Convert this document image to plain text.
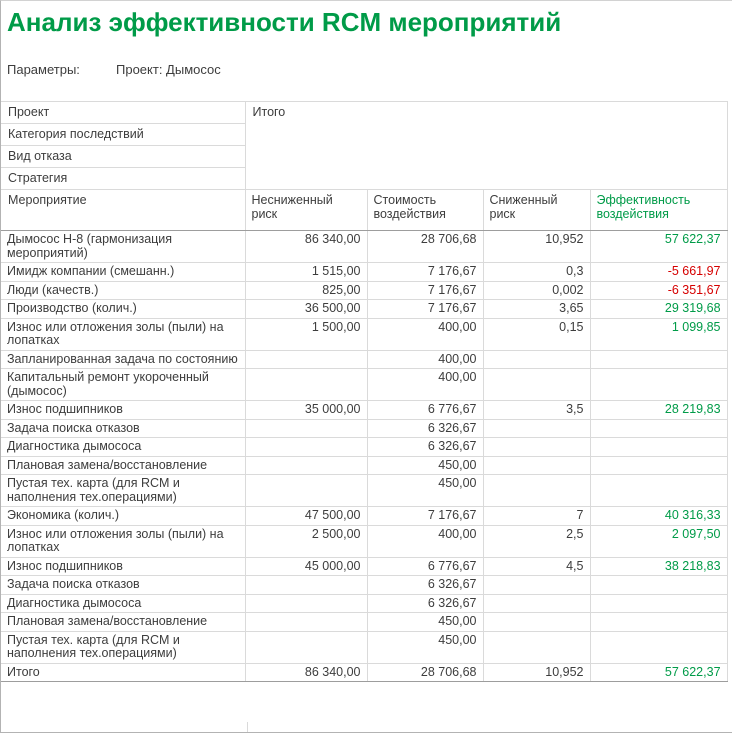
Анализ эффективности RCM мероприятий
Параметры:	Проект: Дымосос
Проект	Итого			
Категория последствий				
Вид отказа				
Стратегия				
Мероприятие	Несниженный риск	Стоимость воздействия	Сниженный риск	Эффективность воздействия
Дымосос Н-8 (гармонизация мероприятий)	86 340,00	28 706,68	10,952	57 622,37
Имидж компании (смешанн.)	1 515,00	7 176,67	0,3	-5 661,97
Люди (качеств.)	825,00	7 176,67	0,002	-6 351,67
Производство (колич.)	36 500,00	7 176,67	3,65	29 319,68
Износ или отложения золы (пыли) на лопатках	1 500,00	400,00	0,15	1 099,85
Запланированная задача по состоянию		400,00		
Капитальный ремонт укороченный (дымосос)		400,00		
Износ подшипников	35 000,00	6 776,67	3,5	28 219,83
Задача поиска отказов		6 326,67		
Диагностика дымососа		6 326,67		
Плановая замена/восстановление		450,00		
Пустая тех. карта (для RCM и наполнения тех.операциями)		450,00		
Экономика (колич.)	47 500,00	7 176,67	7	40 316,33
Износ или отложения золы (пыли) на лопатках	2 500,00	400,00	2,5	2 097,50
Износ подшипников	45 000,00	6 776,67	4,5	38 218,83
Задача поиска отказов		6 326,67		
Диагностика дымососа		6 326,67		
Плановая замена/восстановление		450,00		
Пустая тех. карта (для RCM и наполнения тех.операциями)		450,00		
Итого	86 340,00	28 706,68	10,952	57 622,37
